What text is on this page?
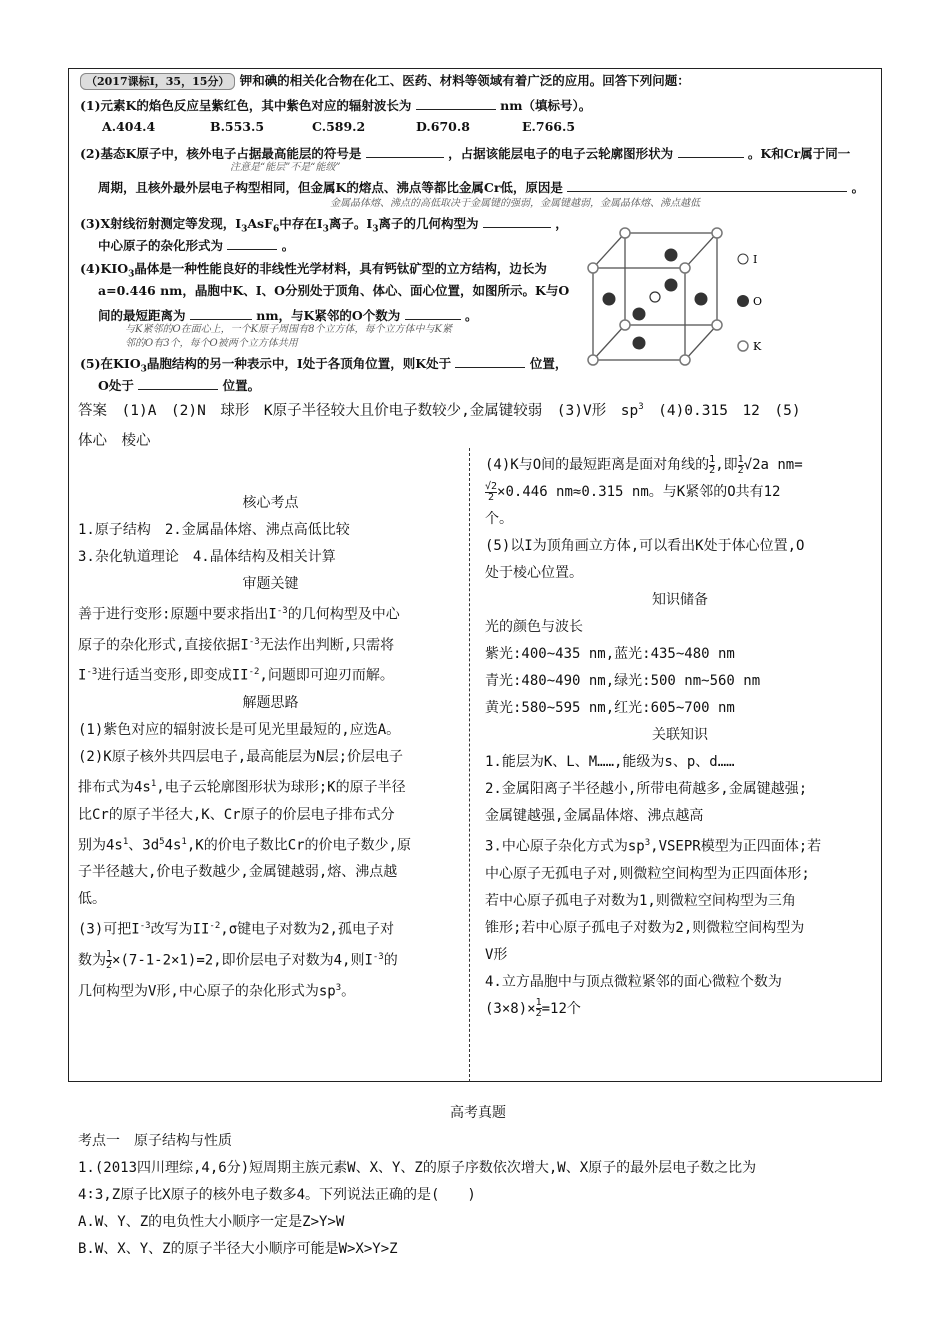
（2017课标Ⅰ，35，15分） 钾和碘的相关化合物在化工、医药、材料等领域有着广泛的应用。回答下列问题：
(1)元素K的焰色反应呈紫红色，其中紫色对应的辐射波长为	nm（填标号）。
A.404.4	B.553.5	C.589.2	D.670.8	E.766.5
(2)基态K原子中，核外电子占据最高能层的符号是	，占据该能层电子的电子云轮廓图形状为	。K和Cr属于同一
注意是“能层”不是“能级”
周期，且核外最外层电子构型相同，但金属K的熔点、沸点等都比金属Cr低，原因是	。
金属晶体熔、沸点的高低取决于金属键的强弱，金属键越弱，金属晶体熔、沸点越低
(3)X射线衍射测定等发现，$I_3AsF_6$中存在$I_3$离子。$I_3$离子的几何构型为	，
中心原子的杂化形式为	。
$(4)KIO_3$晶体是一种性能良好的非线性光学材料，具有钙钛矿型的立方结构，边长为
a=0.446 nm，晶胞中K、I、O分别处于顶角、体心、面心位置，如图所示。K与O
间的最短距离为	nm，与K紧邻的O个数为	。
与K紧邻的O在面心上，一个K原子周围有8个立方体，每个立方体中与K紧
邻的O有3个，每个O被两个立方体共用
(5)在$KIO_3$晶胞结构的另一种表示中，I处于各顶角位置，则K处于	位置，
O处于	位置。
I
O
K
答案　(1)A　(2)N　球形　K原子半径较大且价电子数较少,金属键较弱　(3)V形　$sp^3$　(4)0.315　12　(5)
体心　棱心

核心考点

1.原子结构　2.金属晶体熔、沸点高低比较

3.杂化轨道理论　4.晶体结构及相关计算

审题关键

善于进行变形:原题中要求指出$I^{-3}$的几何构型及中心

原子的杂化形式,直接依据$I^{-3}$无法作出判断,只需将

$I^{-3}$进行适当变形,即变成$II^{-2}$,问题即可迎刃而解。

解题思路

(1)紫色对应的辐射波长是可见光里最短的,应选A。

(2)K原子核外共四层电子,最高能层为N层;价层电子

排布式为$4s^1$,电子云轮廓图形状为球形;K的原子半径

比Cr的原子半径大,K、Cr原子的价层电子排布式分

别为$4s^1$、$3d^54s^1,K$的价电子数比Cr的价电子数少,原

子半径越大,价电子数越少,金属键越弱,熔、沸点越

低。

(3)可把$I^{-3}$改写为$II^{-2},\sigma$键电子对数为2,孤电子对

数为 $\frac{1}{2} \times(7-1-2\times 1)=2$,即价层电子对数为4,则$I^{-3}$的

几何构型为V形,中心原子的杂化形式为$sp^3$。

(4)K与O间的最短距离是面对角线的 $\frac{1}{2}$ ,即 $\frac{1}{2} √2a$ nm=

$\frac{√2}{2} \times 0.446$ nm≈0.315 nm。与K紧邻的O共有12

个。

(5)以I为顶角画立方体,可以看出K处于体心位置,O

处于棱心位置。

知识储备

光的颜色与波长

紫光:400~435 nm,蓝光:435~480 nm

青光:480~490 nm,绿光:500 nm~560 nm

黄光:580~595 nm,红光:605~700 nm

关联知识

1.能层为K、L、M……,能级为s、p、d……

2.金属阳离子半径越小,所带电荷越多,金属键越强;

金属键越强,金属晶体熔、沸点越高

3.中心原子杂化方式为$sp^3,VSEPR$模型为正四面体;若

中心原子无孤电子对,则微粒空间构型为正四面体形;

若中心原子孤电子对数为1,则微粒空间构型为三角

锥形;若中心原子孤电子对数为2,则微粒空间构型为

V形

4.立方晶胞中与顶点微粒紧邻的面心微粒个数为

$(3\times 8)\times \frac{1}{2} =12$个

高考真题
考点一　原子结构与性质
1.(2013四川理综,4,6分)短周期主族元素W、X、Y、Z的原子序数依次增大,W、X原子的最外层电子数之比为
4∶3,Z原子比X原子的核外电子数多4。下列说法正确的是(　　)
A.W、Y、Z的电负性大小顺序一定是Z>Y>W
B.W、X、Y、Z的原子半径大小顺序可能是W>X>Y>Z
